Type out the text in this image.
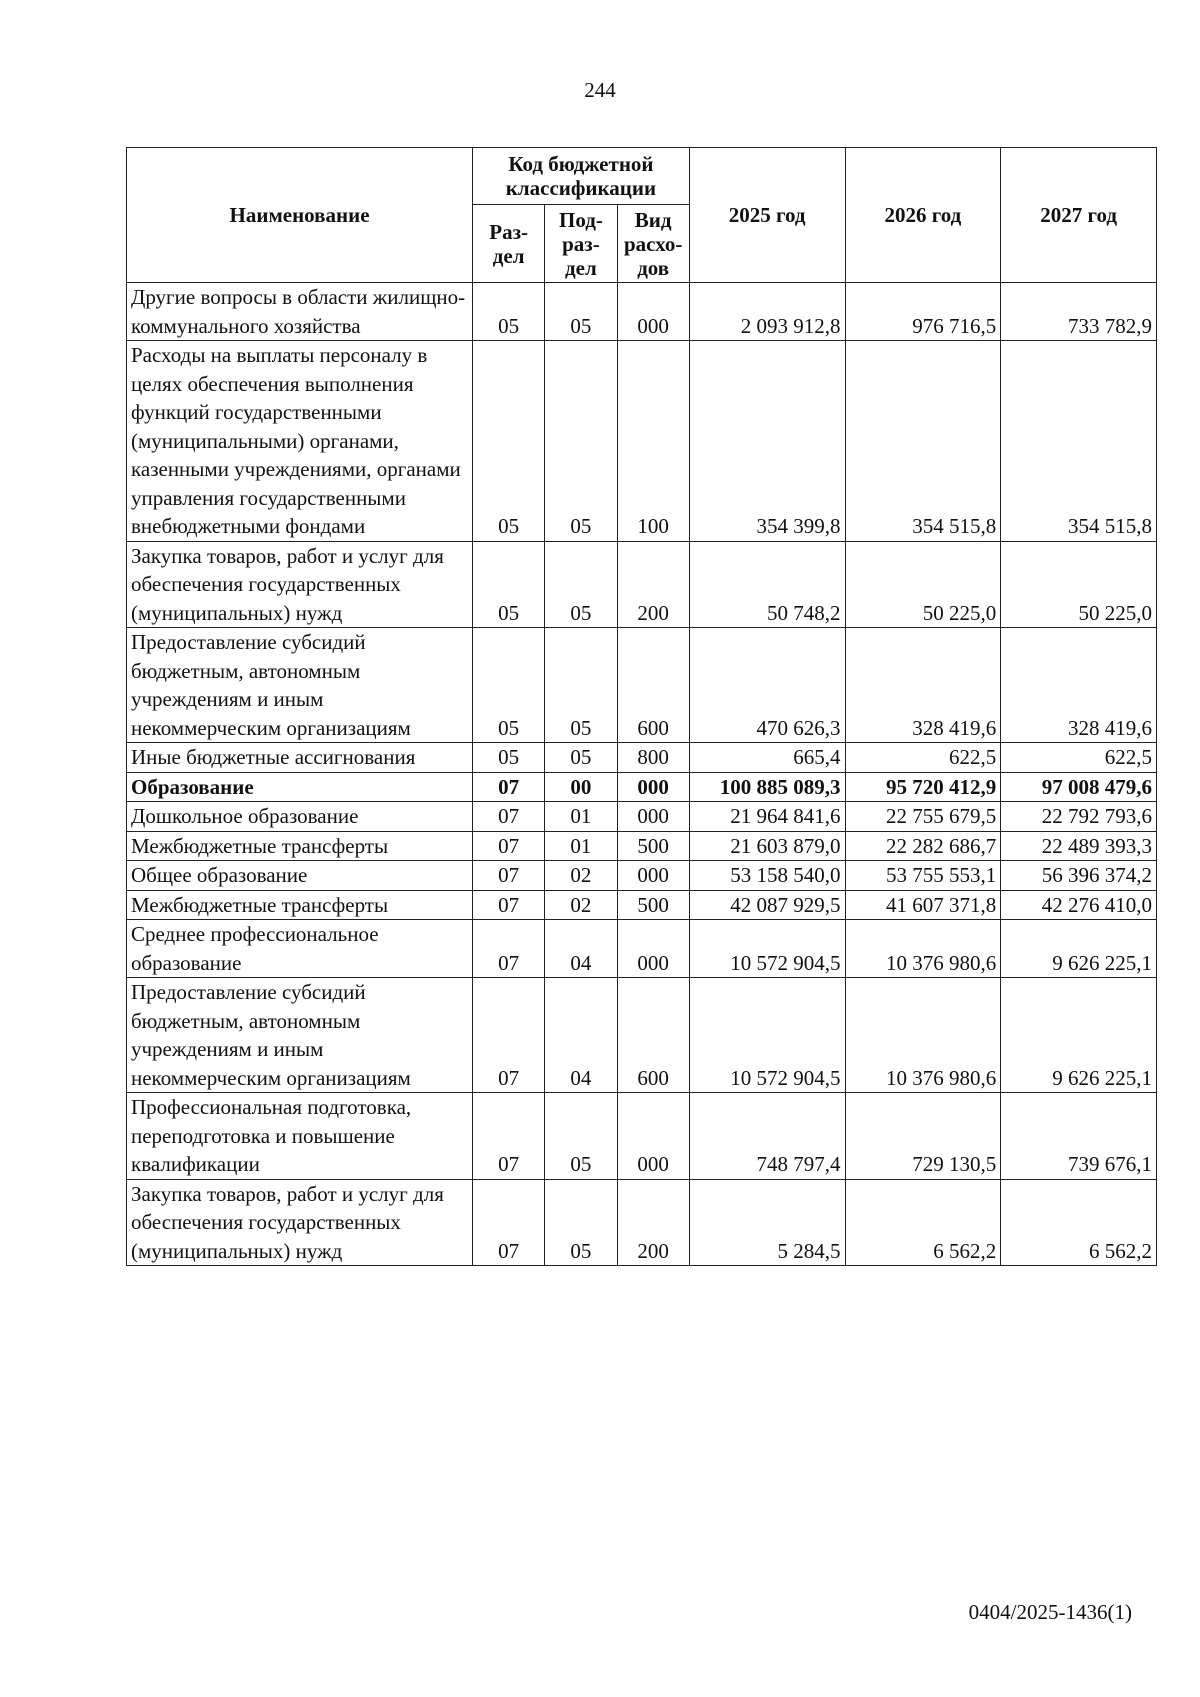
244
Наименование	Код бюджетной классификации			2025 год	2026 год	2027 год
	Раз-дел	Под-раз-дел	Вид расхо-дов			
Другие вопросы в области жилищно-коммунального хозяйства	05	05	000	2 093 912,8	976 716,5	733 782,9
Расходы на выплаты персоналу в целях обеспечения выполнения функций государственными (муниципальными) органами, казенными учреждениями, органами управления государственными внебюджетными фондами	05	05	100	354 399,8	354 515,8	354 515,8
Закупка товаров, работ и услуг для обеспечения государственных (муниципальных) нужд	05	05	200	50 748,2	50 225,0	50 225,0
Предоставление субсидий бюджетным, автономным учреждениям и иным некоммерческим организациям	05	05	600	470 626,3	328 419,6	328 419,6
Иные бюджетные ассигнования	05	05	800	665,4	622,5	622,5
Образование	07	00	000	100 885 089,3	95 720 412,9	97 008 479,6
Дошкольное образование	07	01	000	21 964 841,6	22 755 679,5	22 792 793,6
Межбюджетные трансферты	07	01	500	21 603 879,0	22 282 686,7	22 489 393,3
Общее образование	07	02	000	53 158 540,0	53 755 553,1	56 396 374,2
Межбюджетные трансферты	07	02	500	42 087 929,5	41 607 371,8	42 276 410,0
Среднее профессиональное образование	07	04	000	10 572 904,5	10 376 980,6	9 626 225,1
Предоставление субсидий бюджетным, автономным учреждениям и иным некоммерческим организациям	07	04	600	10 572 904,5	10 376 980,6	9 626 225,1
Профессиональная подготовка, переподготовка и повышение квалификации	07	05	000	748 797,4	729 130,5	739 676,1
Закупка товаров, работ и услуг для обеспечения государственных (муниципальных) нужд	07	05	200	5 284,5	6 562,2	6 562,2
0404/2025-1436(1)
